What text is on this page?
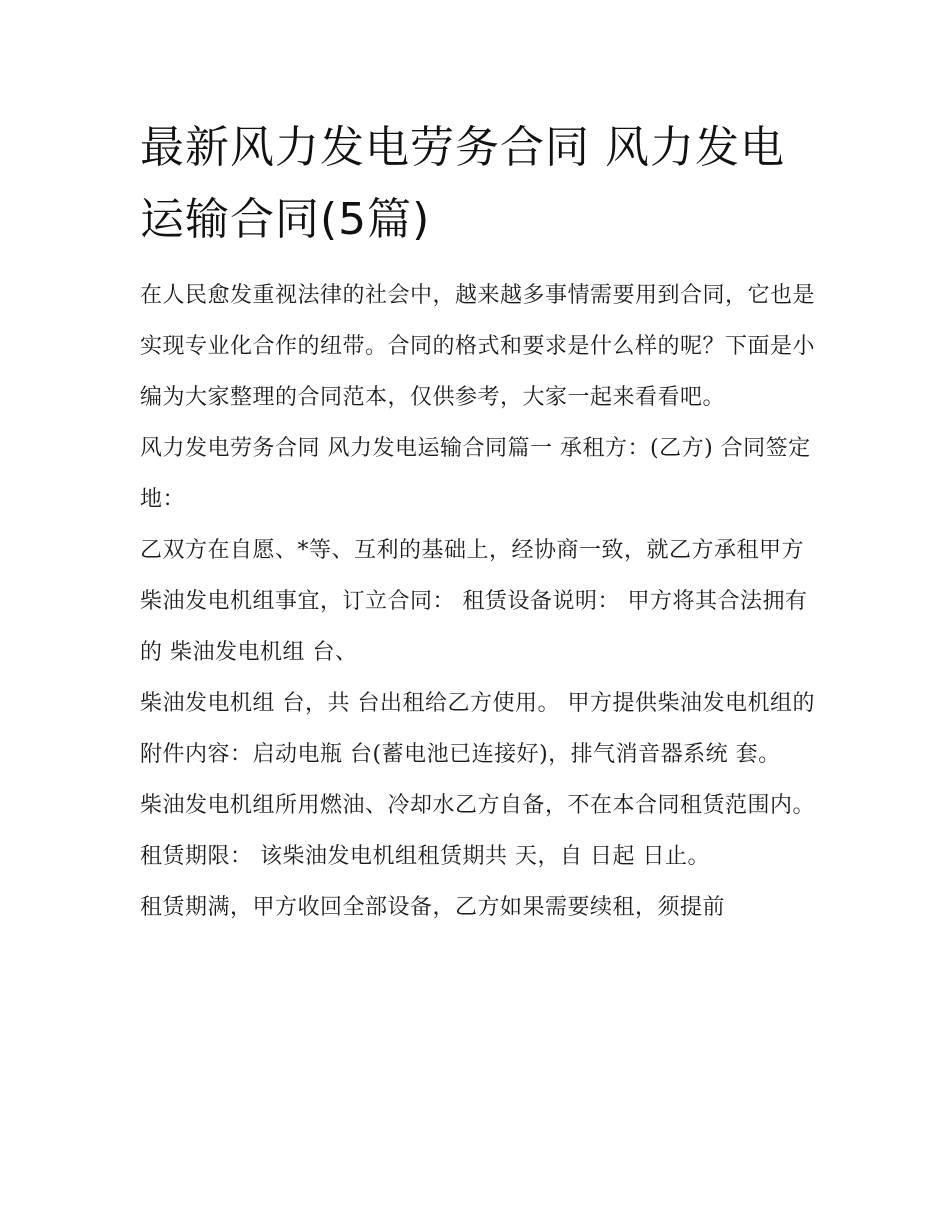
最新风力发电劳务合同 风力发电运输合同(5篇)

在人民愈发重视法律的社会中，越来越多事情需要用到合同，它也是实现专业化合作的纽带。合同的格式和要求是什么样的呢？下面是小编为大家整理的合同范本，仅供参考，大家一起来看看吧。

风力发电劳务合同 风力发电运输合同篇一 承租方：(乙方) 合同签定地：

乙双方在自愿、*等、互利的基础上，经协商一致，就乙方承租甲方柴油发电机组事宜，订立合同： 租赁设备说明： 甲方将其合法拥有的 柴油发电机组 台、

柴油发电机组 台，共 台出租给乙方使用。 甲方提供柴油发电机组的附件内容：启动电瓶 台(蓄电池已连接好)，排气消音器系统 套。

柴油发电机组所用燃油、冷却水乙方自备，不在本合同租赁范围内。 租赁期限： 该柴油发电机组租赁期共 天，自 日起 日止。

租赁期满，甲方收回全部设备，乙方如果需要续租，须提前
